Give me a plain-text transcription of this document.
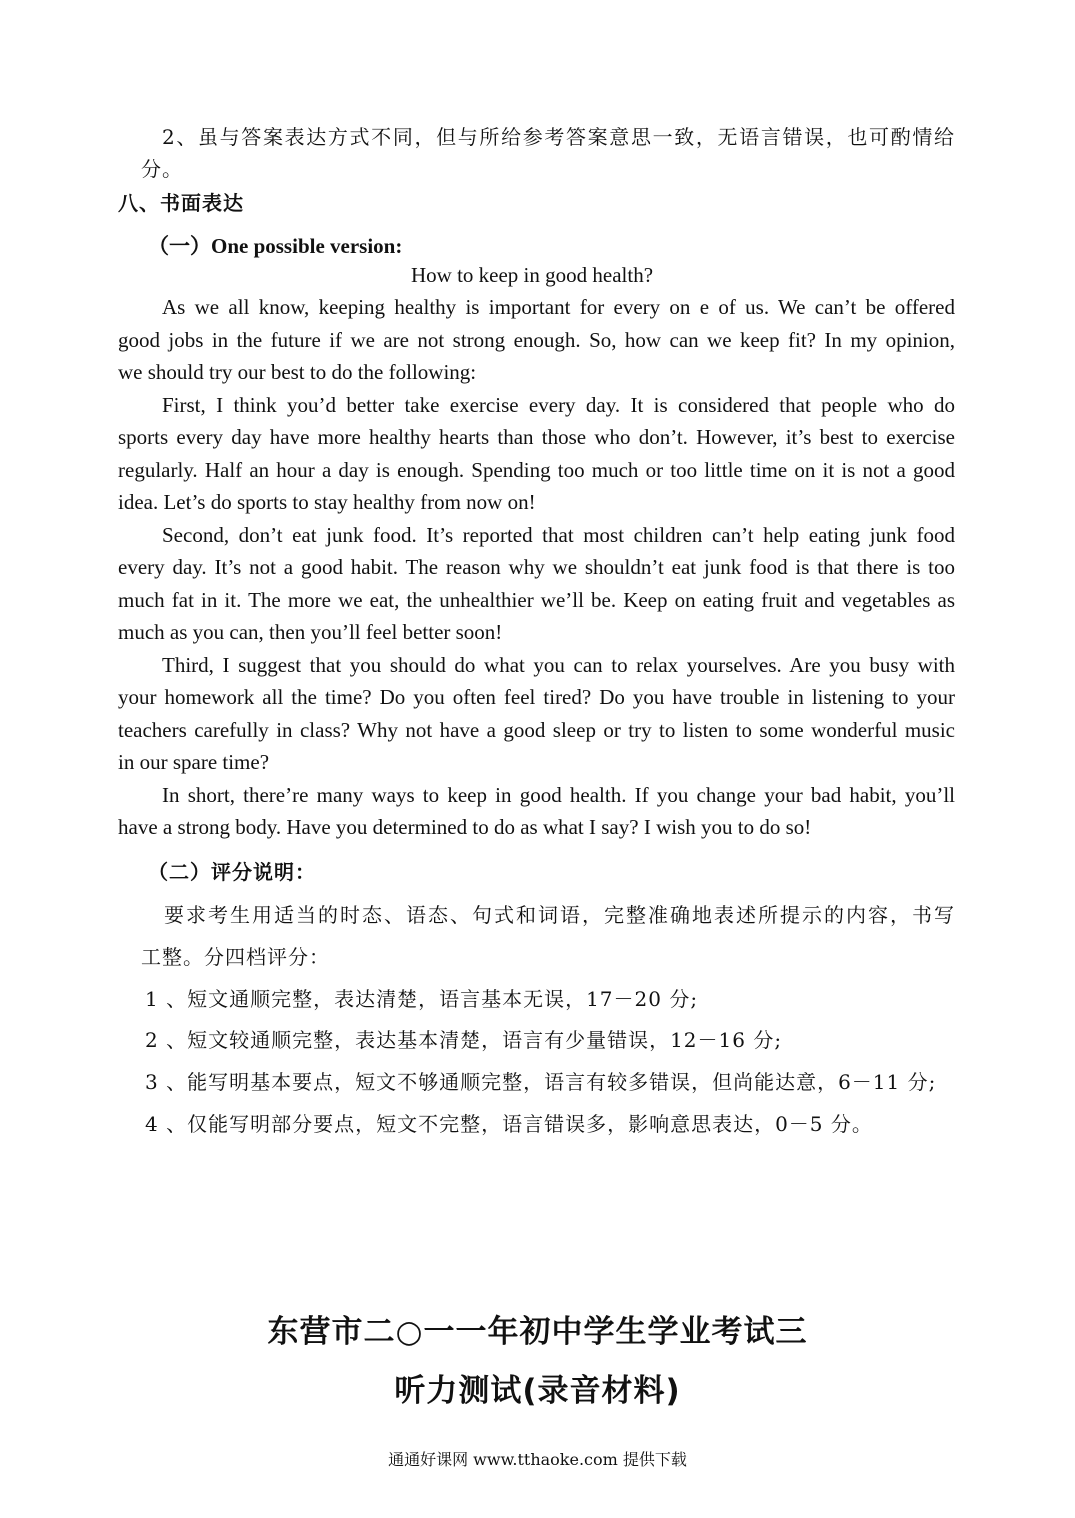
2、虽与答案表达方式不同，但与所给参考答案意思一致，无语言错误，也可酌情给
分。
八、书面表达
（一）One possible version:
How to keep in good health?
As we all know, keeping healthy is important for every on e of us. We can’t be offered
good jobs in the future if we are not strong enough. So, how can we keep fit? In my opinion,
we should try our best to do the following:
First, I think you’d better take exercise every day. It is considered that people who do
sports every day have more healthy hearts than those who don’t. However, it’s best to exercise
regularly. Half an hour a day is enough. Spending too much or too little time on it is not a good
idea. Let’s do sports to stay healthy from now on!
Second, don’t eat junk food. It’s reported that most children can’t help eating junk food
every day. It’s not a good habit. The reason why we shouldn’t eat junk food is that there is too
much fat in it. The more we eat, the unhealthier we’ll be. Keep on eating fruit and vegetables as
much as you can, then you’ll feel better soon!
Third, I suggest that you should do what you can to relax yourselves. Are you busy with
your homework all the time? Do you often feel tired? Do you have trouble in listening to your
teachers carefully in class? Why not have a good sleep or try to listen to some wonderful music
in our spare time?
In short, there’re many ways to keep in good health. If you change your bad habit, you’ll
have a strong body. Have you determined to do as what I say? I wish you to do so!
（二）评分说明：
要求考生用适当的时态、语态、句式和词语，完整准确地表述所提示的内容，书写
工整。分四档评分：
1 、短文通顺完整，表达清楚，语言基本无误，17－20 分;
2 、短文较通顺完整，表达基本清楚，语言有少量错误，12－16 分;
3 、能写明基本要点，短文不够通顺完整，语言有较多错误，但尚能达意，6－11 分;
4 、仅能写明部分要点，短文不完整，语言错误多，影响意思表达，0－5 分。
东营市二○一一年初中学生学业考试三
听力测试(录音材料)
通通好课网 www.tthaoke.com 提供下载
